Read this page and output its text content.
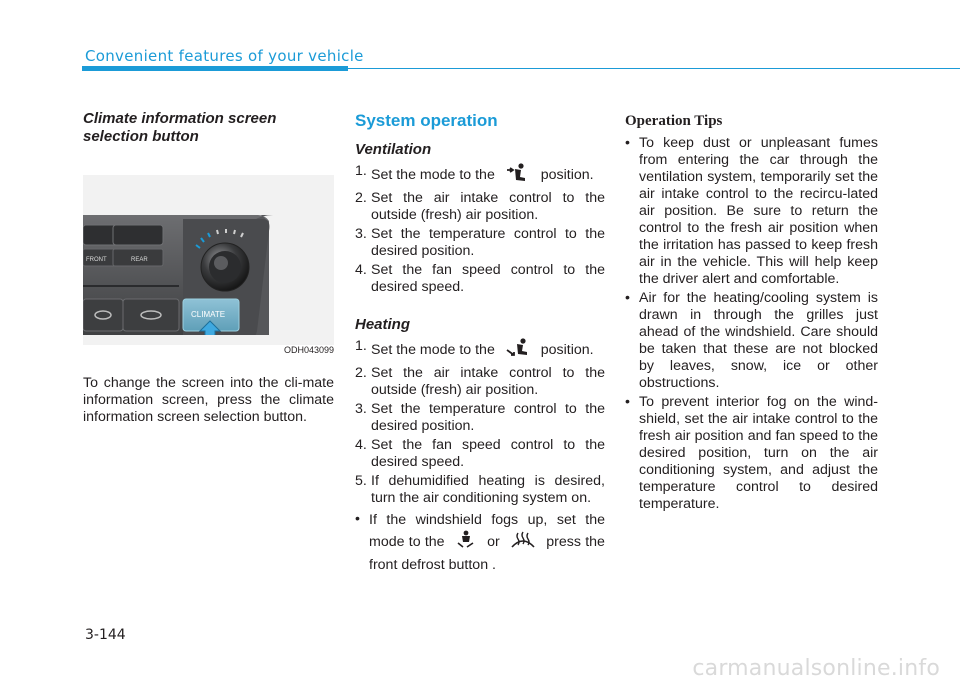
Convenient features of your vehicle
Climate information screen selection button
FRONT	REAR
CLIMATE
ODH043099

To change the screen into the cli-mate information screen, press the climate information screen selection button.

System operation
Ventilation
1. Set the mode to the	position.
2. Set the air intake control to the outside (fresh) air position.
3. Set the temperature control to the desired position.
4. Set the fan speed control to the desired speed.
Heating
1. Set the mode to the	position.
2. Set the air intake control to the outside (fresh) air position.
3. Set the temperature control to the desired position.
4. Set the fan speed control to the desired speed.
5. If dehumidified heating is desired, turn the air conditioning system on.
• If the windshield fogs up, set the mode to the	or	press the front defrost button .
Operation Tips
• To keep dust or unpleasant fumes from entering the car through the ventilation system, temporarily set the air intake control to the recircu-lated air position. Be sure to return the control to the fresh air position when the irritation has passed to keep fresh air in the vehicle. This will help keep the driver alert and comfortable.
• Air for the heating/cooling system is drawn in through the grilles just ahead of the windshield. Care should be taken that these are not blocked by leaves, snow, ice or other obstructions.
• To prevent interior fog on the wind-shield, set the air intake control to the fresh air position and fan speed to the desired position, turn on the air conditioning system, and adjust the temperature control to desired temperature.
3-144
carmanualsonline.info
